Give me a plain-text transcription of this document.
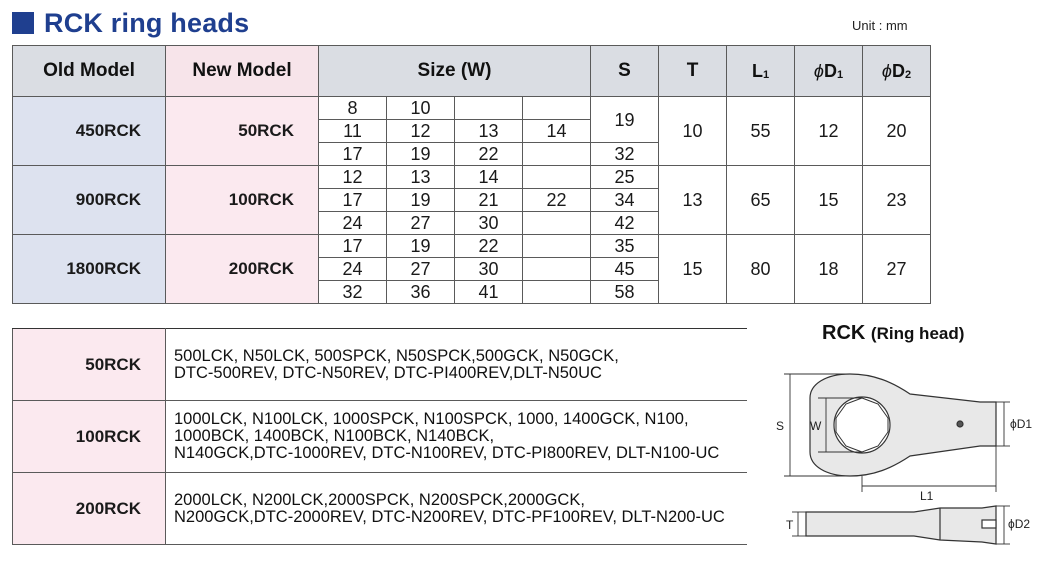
RCK ring heads	Unit : mm
Old Model	New Model	Size (W)				S	T	$L_1$	$\phi D_1$	$\phi D_2$
450RCK	50RCK	8	10			19	10	55	12	20
		11	12	13	14					
		17	19	22		32				
900RCK	100RCK	12	13	14		25	13	65	15	23
		17	19	21	22	34				
		24	27	30		42				
1800RCK	200RCK	17	19	22		35	15	80	18	27
		24	27	30		45				
		32	36	41		58				
50RCK	500LCK, N50LCK, 500SPCK, N50SPCK,500GCK, N50GCK,
DTC-500REV, DTC-N50REV, DTC-PI400REV,DLT-N50UC

100RCK	1000LCK, N100LCK, 1000SPCK, N100SPCK, 1000, 1400GCK, N100,
1000BCK, 1400BCK, N100BCK, N140BCK,
N140GCK,DTC-1000REV, DTC-N100REV, DTC-PI800REV, DLT-N100-UC

200RCK	2000LCK, N200LCK,2000SPCK, N200SPCK,2000GCK,
N200GCK,DTC-2000REV, DTC-N200REV, DTC-PF100REV, DLT-N200-UC
RCK (Ring head)
S W	ϕD1
L1
T	ϕD2
